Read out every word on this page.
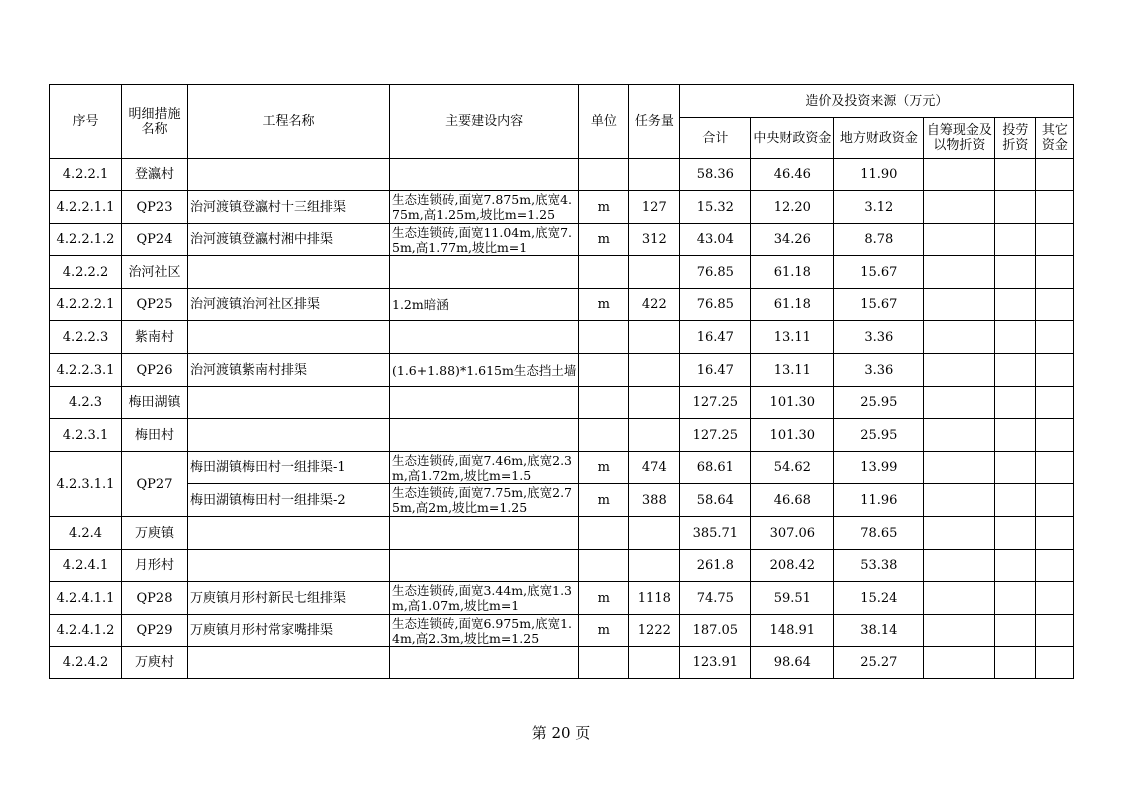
序号	明细措施名称	工程名称	主要建设内容	单位	任务量	造价及投资来源（万元）					
						合计	中央财政资金	地方财政资金	自筹现金及以物折资	投劳折资	其它资金
4.2.2.1	登瀛村					58.36	46.46	11.90			
4.2.2.1.1	QP23	治河渡镇登瀛村十三组排渠	生态连锁砖,面宽7.875m,底宽4.75m,高1.25m,坡比m=1.25	m	127	15.32	12.20	3.12			
4.2.2.1.2	QP24	治河渡镇登瀛村湘中排渠	生态连锁砖,面宽11.04m,底宽7.5m,高1.77m,坡比m=1	m	312	43.04	34.26	8.78			
4.2.2.2	治河社区					76.85	61.18	15.67			
4.2.2.2.1	QP25	治河渡镇治河社区排渠	1.2m暗涵	m	422	76.85	61.18	15.67			
4.2.2.3	紫南村					16.47	13.11	3.36			
4.2.2.3.1	QP26	治河渡镇紫南村排渠	(1.6+1.88)*1.615m生态挡土墙			16.47	13.11	3.36			
4.2.3	梅田湖镇					127.25	101.30	25.95			
4.2.3.1	梅田村					127.25	101.30	25.95			
4.2.3.1.1	QP27	梅田湖镇梅田村一组排渠-1	生态连锁砖,面宽7.46m,底宽2.3m,高1.72m,坡比m=1.5	m	474	68.61	54.62	13.99			
		梅田湖镇梅田村一组排渠-2	生态连锁砖,面宽7.75m,底宽2.75m,高2m,坡比m=1.25	m	388	58.64	46.68	11.96			
4.2.4	万庾镇					385.71	307.06	78.65			
4.2.4.1	月形村					261.8	208.42	53.38			
4.2.4.1.1	QP28	万庾镇月形村新民七组排渠	生态连锁砖,面宽3.44m,底宽1.3m,高1.07m,坡比m=1	m	1118	74.75	59.51	15.24			
4.2.4.1.2	QP29	万庾镇月形村常家嘴排渠	生态连锁砖,面宽6.975m,底宽1.4m,高2.3m,坡比m=1.25	m	1222	187.05	148.91	38.14			
4.2.4.2	万庾村					123.91	98.64	25.27			
第 20 页
